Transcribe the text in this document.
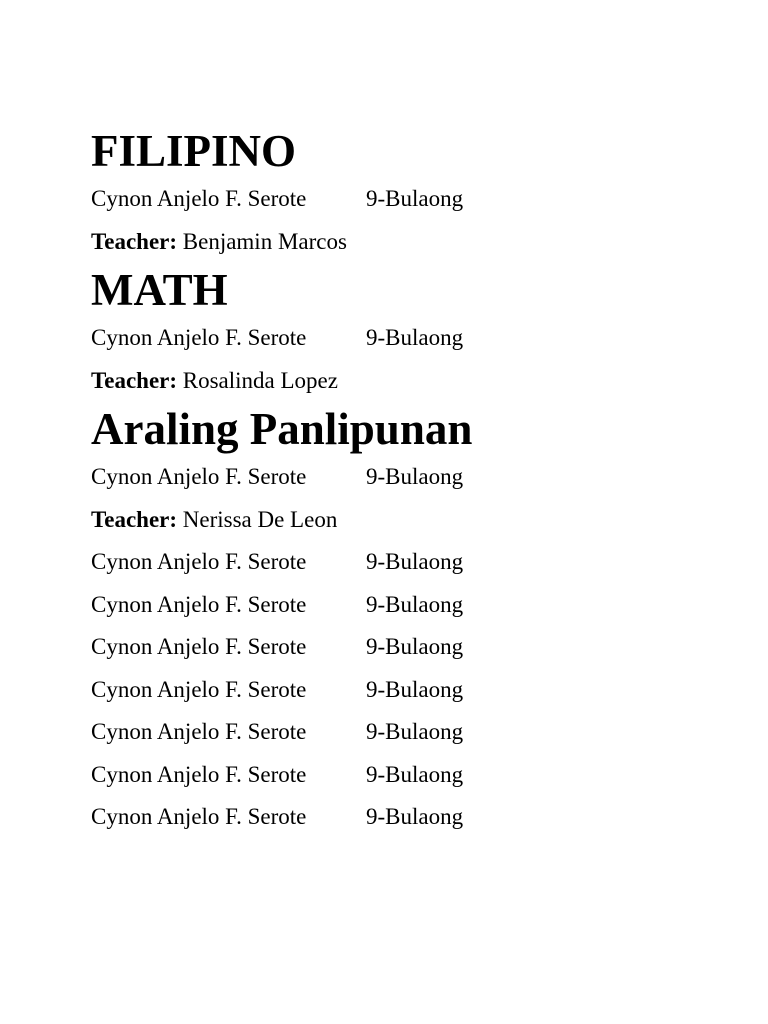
FILIPINO
Cynon Anjelo F. Serote	9-Bulaong
Teacher: Benjamin Marcos
MATH
Cynon Anjelo F. Serote	9-Bulaong
Teacher: Rosalinda Lopez
Araling Panlipunan
Cynon Anjelo F. Serote	9-Bulaong
Teacher: Nerissa De Leon
Cynon Anjelo F. Serote	9-Bulaong
Cynon Anjelo F. Serote	9-Bulaong
Cynon Anjelo F. Serote	9-Bulaong
Cynon Anjelo F. Serote	9-Bulaong
Cynon Anjelo F. Serote	9-Bulaong
Cynon Anjelo F. Serote	9-Bulaong
Cynon Anjelo F. Serote	9-Bulaong
